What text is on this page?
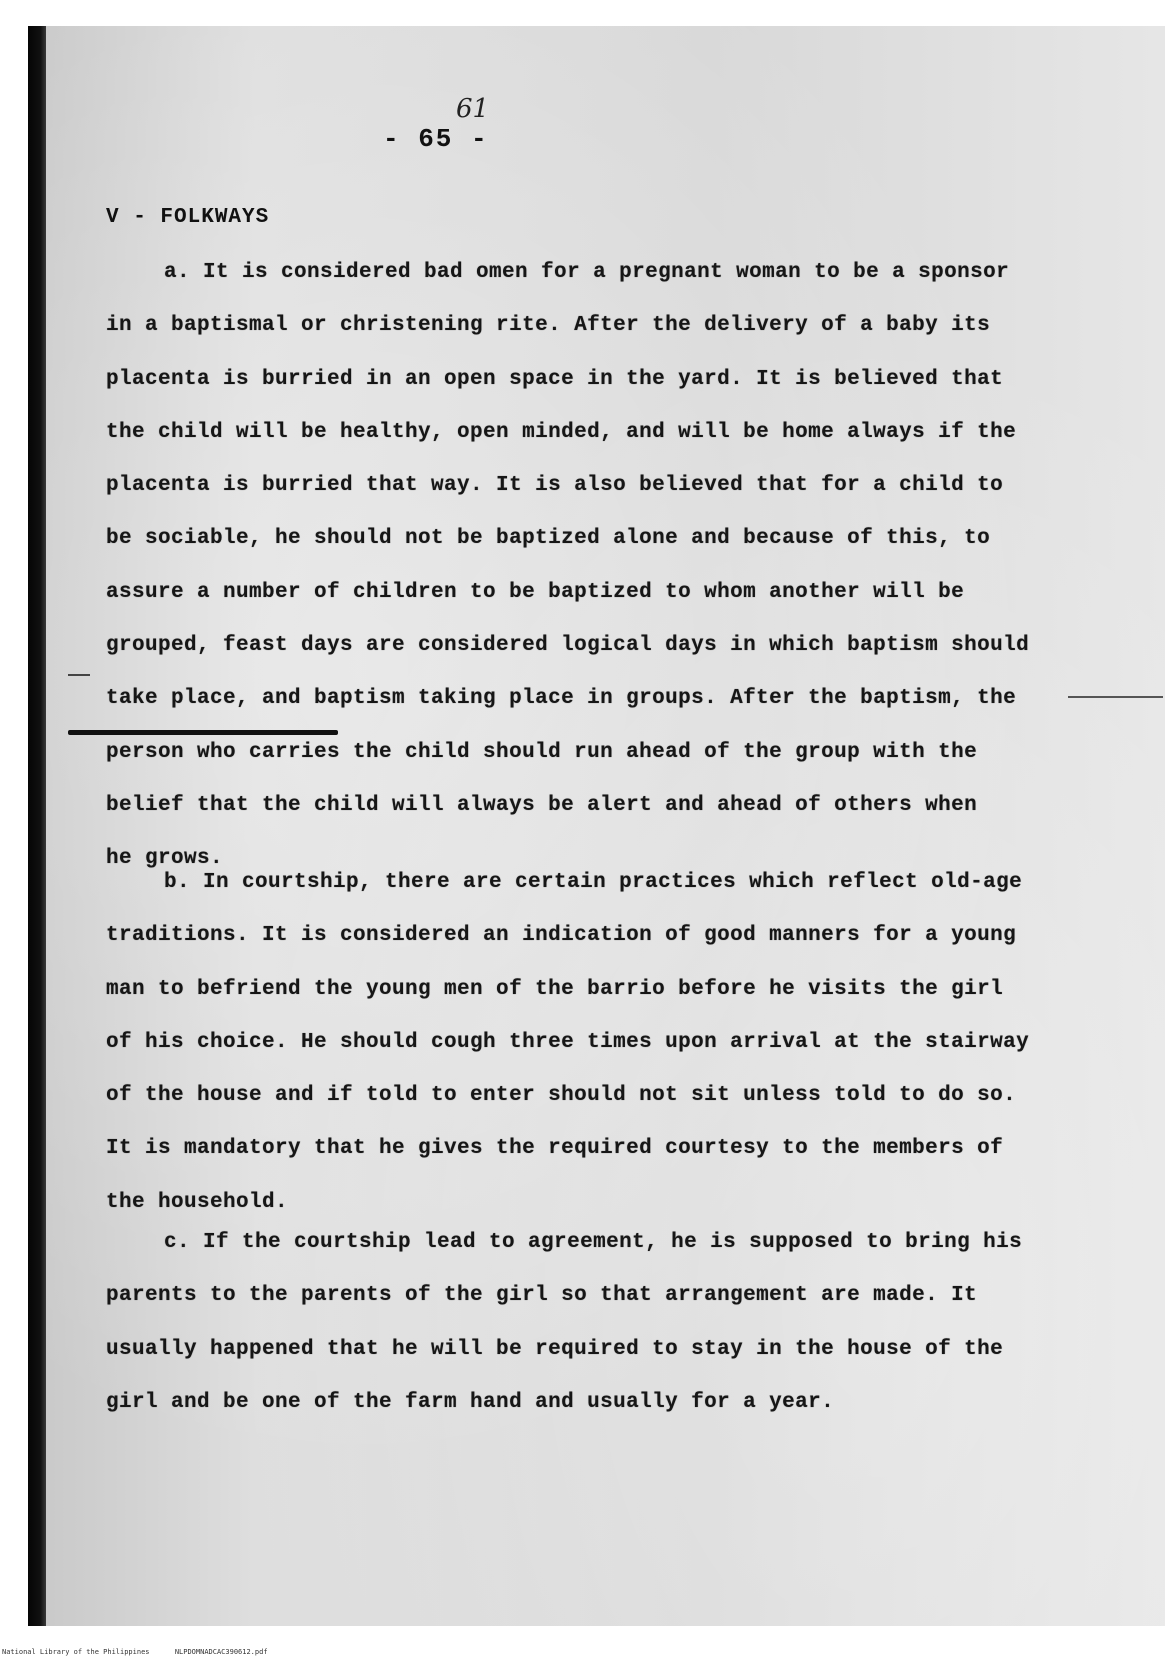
61
- 65 -
V - FOLKWAYS
a. It is considered bad omen for a pregnant woman to be a sponsor
in a baptismal or christening rite. After the delivery of a baby its
placenta is burried in an open space in the yard. It is believed that
the child will be healthy, open minded, and will be home always if the
placenta is burried that way. It is also believed that for a child to
be sociable, he should not be baptized alone and because of this, to
assure a number of children to be baptized to whom another will be
grouped, feast days are considered logical days in which baptism should
take place, and baptism taking place in groups. After the baptism, the
person who carries the child should run ahead of the group with the
belief that the child will always be alert and ahead of others when
he grows.
b. In courtship, there are certain practices which reflect old-age
traditions. It is considered an indication of good manners for a young
man to befriend the young men of the barrio before he visits the girl
of his choice. He should cough three times upon arrival at the stairway
of the house and if told to enter should not sit unless told to do so.
It is mandatory that he gives the required courtesy to the members of
the household.
c. If the courtship lead to agreement, he is supposed to bring his
parents to the parents of the girl so that arrangement are made. It
usually happened that he will be required to stay in the house of the
girl and be one of the farm hand and usually for a year.
National Library of the Philippines	NLPDOMNADCAC390612.pdf
